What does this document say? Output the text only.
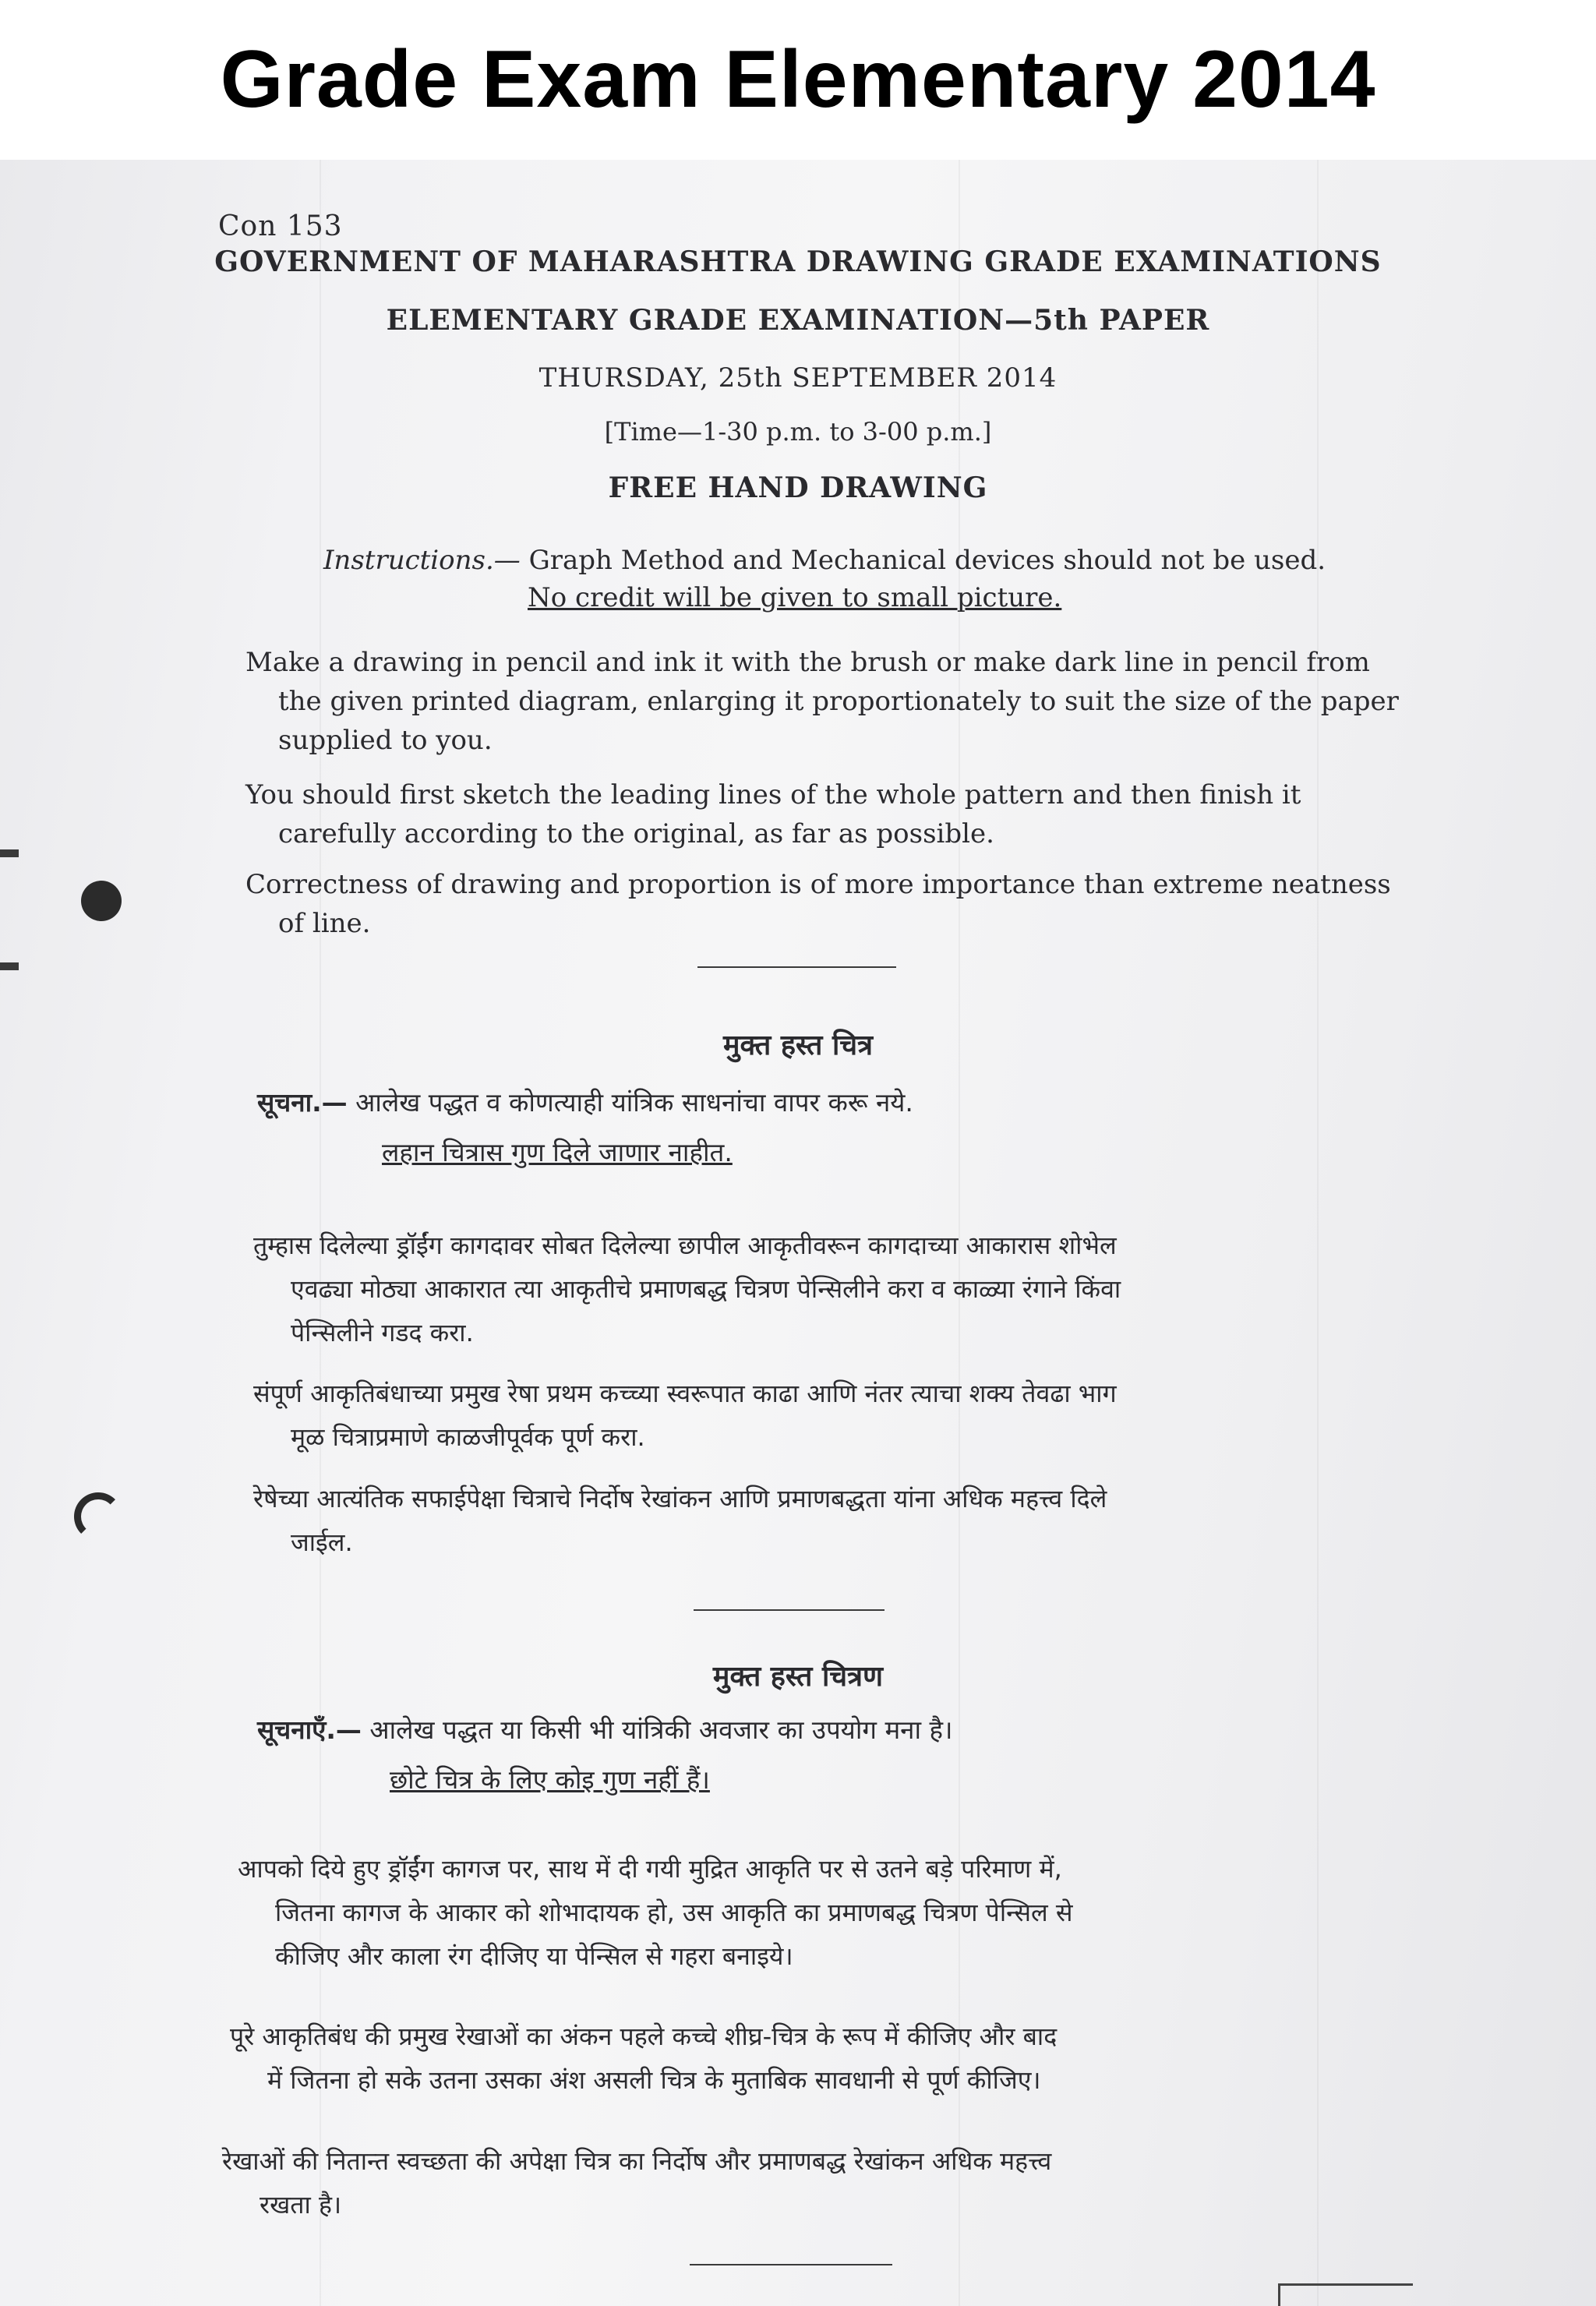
Grade Exam Elementary 2014
Con 153
GOVERNMENT OF MAHARASHTRA DRAWING GRADE EXAMINATIONS
ELEMENTARY GRADE EXAMINATION—5th PAPER
THURSDAY, 25th SEPTEMBER 2014
[Time—1-30 p.m. to 3-00 p.m.]
FREE HAND DRAWING
Instructions.— Graph Method and Mechanical devices should not be used.
No credit will be given to small picture.
Make a drawing in pencil and ink it with the brush or make dark line in pencil from
the given printed diagram, enlarging it proportionately to suit the size of the paper
supplied to you.
You should first sketch the leading lines of the whole pattern and then finish it
carefully according to the original, as far as possible.
Correctness of drawing and proportion is of more importance than extreme neatness
of line.
मुक्त हस्त चित्र
सूचना.— आलेख पद्धत व कोणत्याही यांत्रिक साधनांचा वापर करू नये.
लहान चित्रास गुण दिले जाणार नाहीत.
तुम्हास दिलेल्या ड्रॉईंग कागदावर सोबत दिलेल्या छापील आकृतीवरून कागदाच्या आकारास शोभेल
एवढ्या मोठ्या आकारात त्या आकृतीचे प्रमाणबद्ध चित्रण पेन्सिलीने करा व काळ्या रंगाने किंवा
पेन्सिलीने गडद करा.
संपूर्ण आकृतिबंधाच्या प्रमुख रेषा प्रथम कच्च्या स्वरूपात काढा आणि नंतर त्याचा शक्य तेवढा भाग
मूळ चित्राप्रमाणे काळजीपूर्वक पूर्ण करा.
रेषेच्या आत्यंतिक सफाईपेक्षा चित्राचे निर्दोष रेखांकन आणि प्रमाणबद्धता यांना अधिक महत्त्व दिले
जाईल.
मुक्त हस्त चित्रण
सूचनाएँ.— आलेख पद्धत या किसी भी यांत्रिकी अवजार का उपयोग मना है।
छोटे चित्र के लिए कोइ गुण नहीं हैं।
आपको दिये हुए ड्रॉईंग कागज पर, साथ में दी गयी मुद्रित आकृति पर से उतने बड़े परिमाण में,
जितना कागज के आकार को शोभादायक हो, उस आकृति का प्रमाणबद्ध चित्रण पेन्सिल से
कीजिए और काला रंग दीजिए या पेन्सिल से गहरा बनाइये।
पूरे आकृतिबंध की प्रमुख रेखाओं का अंकन पहले कच्चे शीघ्र-चित्र के रूप में कीजिए और बाद
में जितना हो सके उतना उसका अंश असली चित्र के मुताबिक सावधानी से पूर्ण कीजिए।
रेखाओं की नितान्त स्वच्छता की अपेक्षा चित्र का निर्दोष और प्रमाणबद्ध रेखांकन अधिक महत्त्व
रखता है।
